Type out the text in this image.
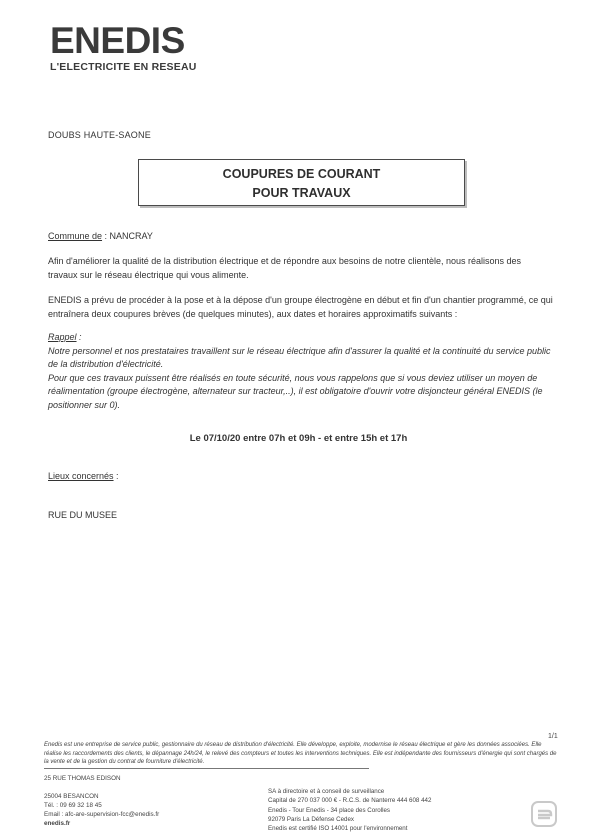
ENEDIS
L'ELECTRICITE EN RESEAU
DOUBS HAUTE-SAONE
COUPURES DE COURANT
POUR TRAVAUX
Commune de : NANCRAY
Afin d'améliorer la qualité de la distribution électrique et de répondre aux besoins de notre clientèle, nous réalisons des travaux sur le réseau électrique qui vous alimente.
ENEDIS a prévu de procéder à la pose et à la dépose d'un groupe électrogène en début et fin d'un chantier programmé, ce qui entraînera deux coupures brèves (de quelques minutes), aux dates et horaires approximatifs suivants :
Rappel :
Notre personnel et nos prestataires travaillent sur le réseau électrique afin d'assurer la qualité et la continuité du service public de la distribution d'électricité.
Pour que ces travaux puissent être réalisés en toute sécurité, nous vous rappelons que si vous deviez utiliser un moyen de réalimentation (groupe électrogène, alternateur sur tracteur,..), il est obligatoire d'ouvrir votre disjoncteur général ENEDIS (le positionner sur 0).
Le 07/10/20 entre 07h et 09h - et entre 15h et 17h
Lieux concernés :
RUE DU MUSEE
1/1
Enedis est une entreprise de service public, gestionnaire du réseau de distribution d'électricité. Elle développe, exploite, modernise le réseau électrique et gère les données associées. Elle réalise les raccordements des clients, le dépannage 24h/24, le relevé des compteurs et toutes les interventions techniques. Elle est indépendante des fournisseurs d'énergie qui sont chargés de la vente et de la gestion du contrat de fourniture d'électricité.
25 RUE THOMAS EDISON
25004 BESANCON
Tél. : 09 69 32 18 45
Email : afc-are-supervision-fcc@enedis.fr
enedis.fr
SA à directoire et à conseil de surveillance
Capital de 270 037 000 € - R.C.S. de Nanterre 444 608 442
Enedis - Tour Enedis - 34 place des Corolles
92079 Paris La Défense Cedex
Enedis est certifié ISO 14001 pour l'environnement
